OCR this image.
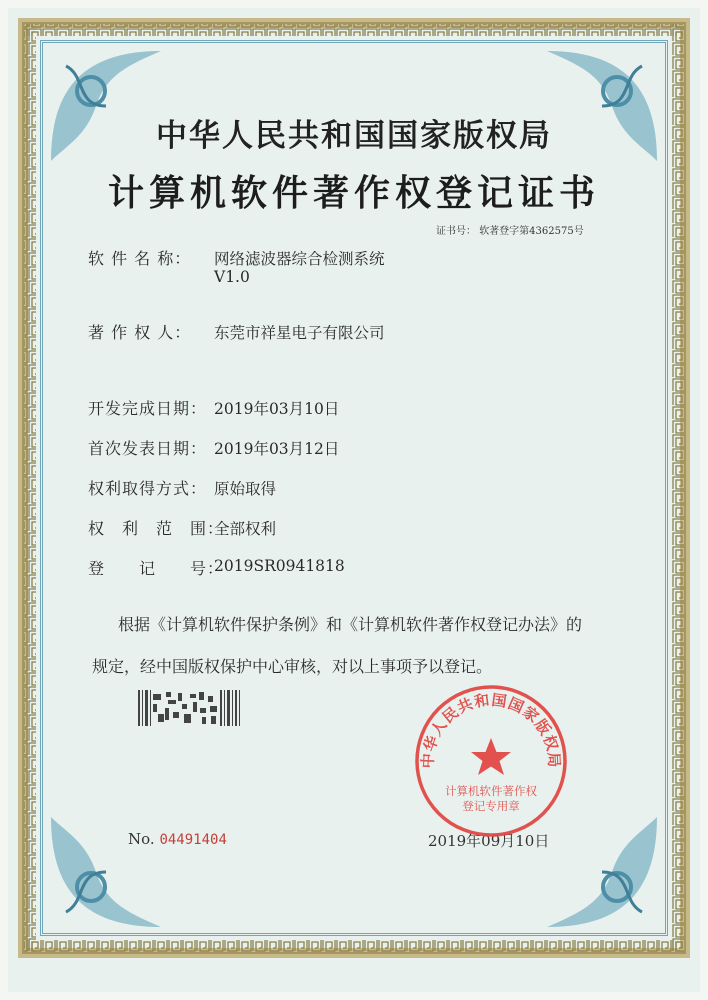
中华人民共和国国家版权局
计算机软件著作权登记证书
证书号： 软著登字第4362575号
软 件 名 称： 网络滤波器综合检测系统
V1.0
著 作 权 人： 东莞市祥星电子有限公司
开发完成日期： 2019年03月10日
首次发表日期： 2019年03月12日
权利取得方式： 原始取得
权　利　范　围：
全部权利
登　　记　　号：
2019SR0941818
根据《计算机软件保护条例》和《计算机软件著作权登记办法》的
规定，经中国版权保护中心审核，对以上事项予以登记。
No. 04491404	2019年09月10日
中华人民共和国国家版权局
计算机软件著作权
登记专用章
